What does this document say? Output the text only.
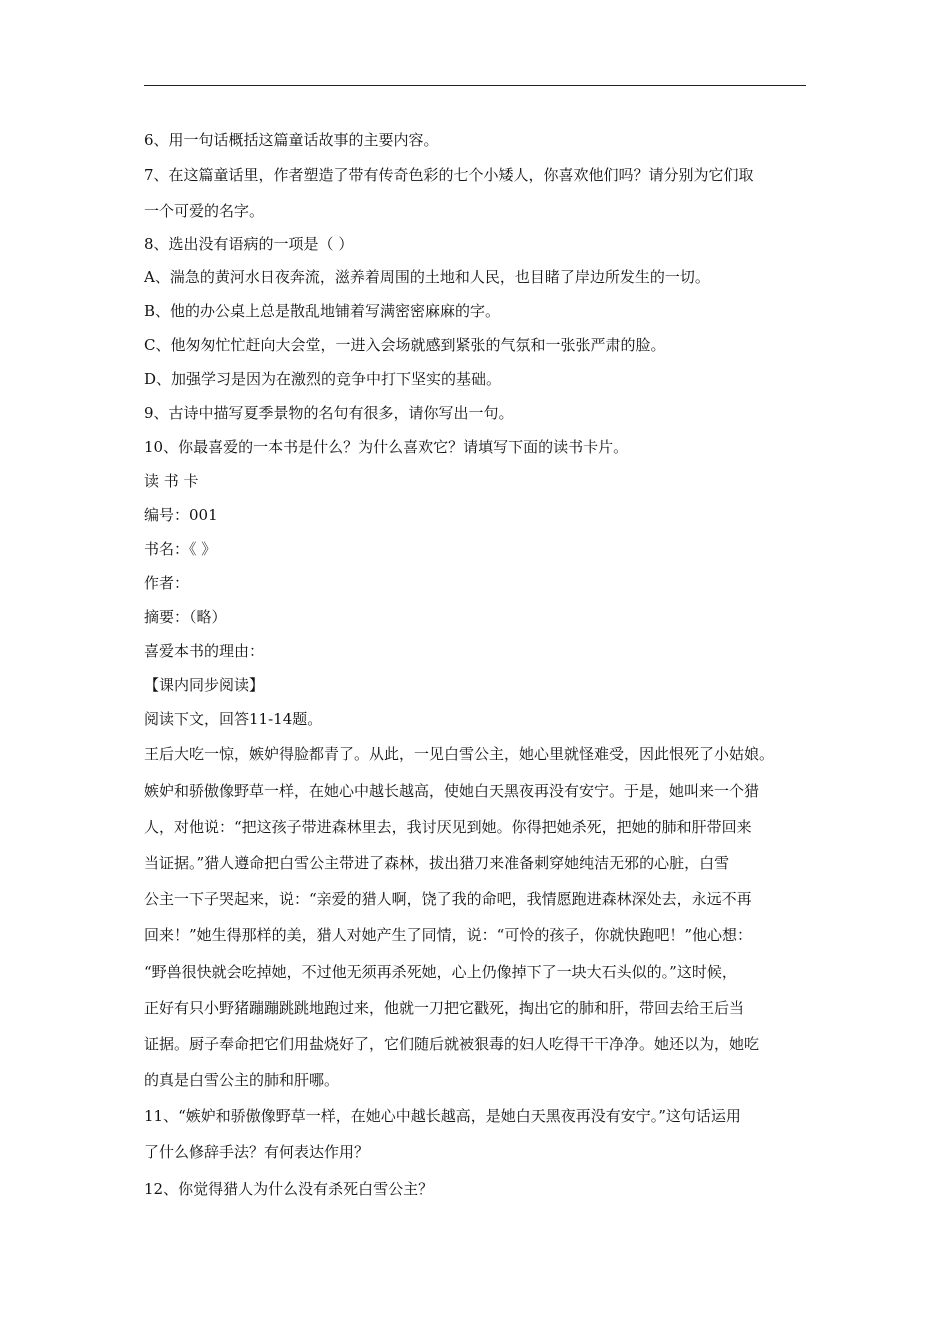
6、用一句话概括这篇童话故事的主要内容。
7、在这篇童话里，作者塑造了带有传奇色彩的七个小矮人，你喜欢他们吗？请分别为它们取
一个可爱的名字。
8、选出没有语病的一项是（ ）
A、湍急的黄河水日夜奔流，滋养着周围的土地和人民，也目睹了岸边所发生的一切。
B、他的办公桌上总是散乱地铺着写满密密麻麻的字。
C、他匆匆忙忙赶向大会堂，一进入会场就感到紧张的气氛和一张张严肃的脸。
D、加强学习是因为在激烈的竞争中打下坚实的基础。
9、古诗中描写夏季景物的名句有很多，请你写出一句。
10、你最喜爱的一本书是什么？为什么喜欢它？请填写下面的读书卡片。
读 书 卡
编号：001
书名：《 》
作者：
摘要：（略）
喜爱本书的理由：
【课内同步阅读】
阅读下文，回答11-14题。
王后大吃一惊，嫉妒得脸都青了。从此，一见白雪公主，她心里就怪难受，因此恨死了小姑娘。
嫉妒和骄傲像野草一样，在她心中越长越高，使她白天黑夜再没有安宁。于是，她叫来一个猎
人，对他说：“把这孩子带进森林里去，我讨厌见到她。你得把她杀死，把她的肺和肝带回来
当证据。”猎人遵命把白雪公主带进了森林，拔出猎刀来准备刺穿她纯洁无邪的心脏，白雪
公主一下子哭起来，说：“亲爱的猎人啊，饶了我的命吧，我情愿跑进森林深处去，永远不再
回来！”她生得那样的美，猎人对她产生了同情，说：“可怜的孩子，你就快跑吧！”他心想：
“野兽很快就会吃掉她，不过他无须再杀死她，心上仍像掉下了一块大石头似的。”这时候，
正好有只小野猪蹦蹦跳跳地跑过来，他就一刀把它戳死，掏出它的肺和肝，带回去给王后当
证据。厨子奉命把它们用盐烧好了，它们随后就被狠毒的妇人吃得干干净净。她还以为，她吃
的真是白雪公主的肺和肝哪。
11、“嫉妒和骄傲像野草一样，在她心中越长越高，是她白天黑夜再没有安宁。”这句话运用
了什么修辞手法？有何表达作用？
12、你觉得猎人为什么没有杀死白雪公主？
